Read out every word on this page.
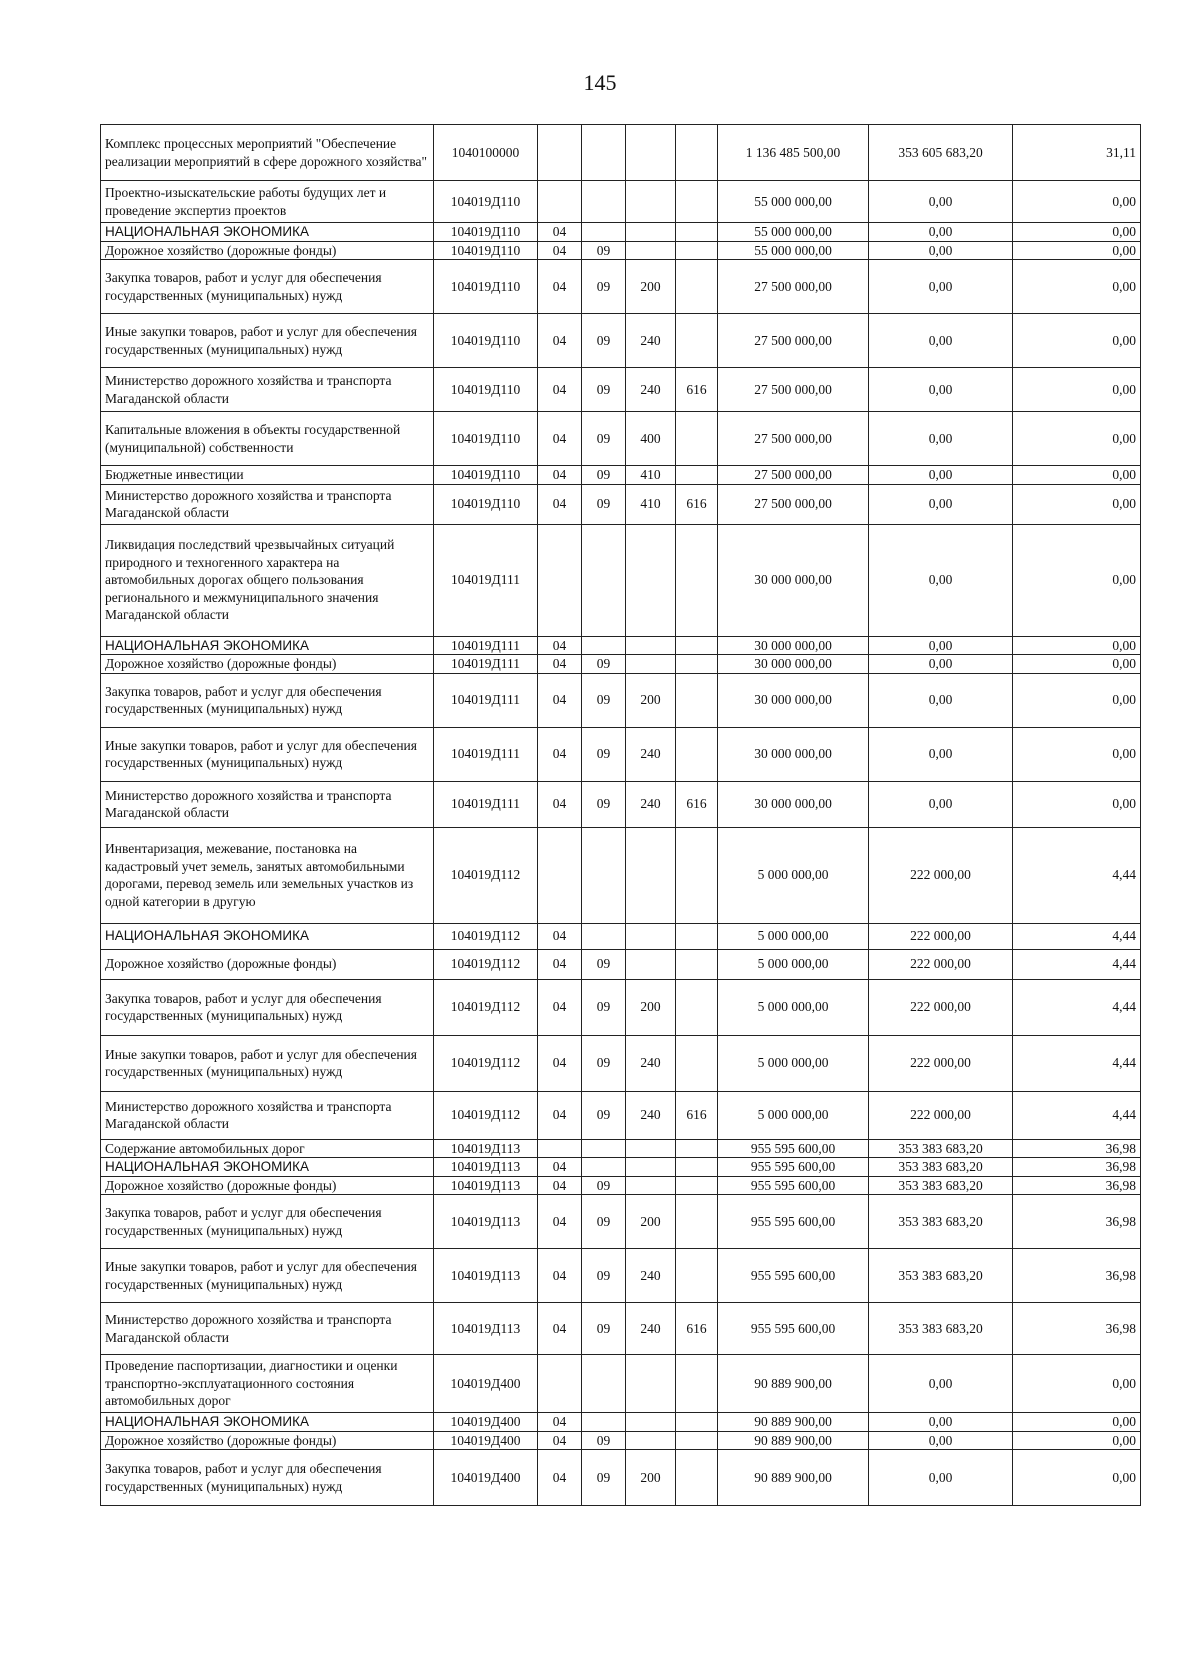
145
Комплекс процессных мероприятий "Обеспечение реализации мероприятий в сфере дорожного хозяйства"	1040100000					1 136 485 500,00	353 605 683,20	31,11
Проектно-изыскательские работы будущих лет и проведение экспертиз проектов	104019Д110					55 000 000,00	0,00	0,00
НАЦИОНАЛЬНАЯ ЭКОНОМИКА	104019Д110	04				55 000 000,00	0,00	0,00
Дорожное хозяйство (дорожные фонды)	104019Д110	04	09			55 000 000,00	0,00	0,00
Закупка товаров, работ и услуг для обеспечения государственных (муниципальных) нужд	104019Д110	04	09	200		27 500 000,00	0,00	0,00
Иные закупки товаров, работ и услуг для обеспечения государственных (муниципальных) нужд	104019Д110	04	09	240		27 500 000,00	0,00	0,00
Министерство дорожного хозяйства и транспорта Магаданской области	104019Д110	04	09	240	616	27 500 000,00	0,00	0,00
Капитальные вложения в объекты государственной (муниципальной) собственности	104019Д110	04	09	400		27 500 000,00	0,00	0,00
Бюджетные инвестиции	104019Д110	04	09	410		27 500 000,00	0,00	0,00
Министерство дорожного хозяйства и транспорта Магаданской области	104019Д110	04	09	410	616	27 500 000,00	0,00	0,00
Ликвидация последствий чрезвычайных ситуаций природного и техногенного характера на автомобильных дорогах общего пользования регионального и межмуниципального значения Магаданской области	104019Д111					30 000 000,00	0,00	0,00
НАЦИОНАЛЬНАЯ ЭКОНОМИКА	104019Д111	04				30 000 000,00	0,00	0,00
Дорожное хозяйство (дорожные фонды)	104019Д111	04	09			30 000 000,00	0,00	0,00
Закупка товаров, работ и услуг для обеспечения государственных (муниципальных) нужд	104019Д111	04	09	200		30 000 000,00	0,00	0,00
Иные закупки товаров, работ и услуг для обеспечения государственных (муниципальных) нужд	104019Д111	04	09	240		30 000 000,00	0,00	0,00
Министерство дорожного хозяйства и транспорта Магаданской области	104019Д111	04	09	240	616	30 000 000,00	0,00	0,00
Инвентаризация, межевание, постановка на кадастровый учет земель, занятых автомобильными дорогами, перевод земель или земельных участков из одной категории в другую	104019Д112					5 000 000,00	222 000,00	4,44
НАЦИОНАЛЬНАЯ ЭКОНОМИКА	104019Д112	04				5 000 000,00	222 000,00	4,44
Дорожное хозяйство (дорожные фонды)	104019Д112	04	09			5 000 000,00	222 000,00	4,44
Закупка товаров, работ и услуг для обеспечения государственных (муниципальных) нужд	104019Д112	04	09	200		5 000 000,00	222 000,00	4,44
Иные закупки товаров, работ и услуг для обеспечения государственных (муниципальных) нужд	104019Д112	04	09	240		5 000 000,00	222 000,00	4,44
Министерство дорожного хозяйства и транспорта Магаданской области	104019Д112	04	09	240	616	5 000 000,00	222 000,00	4,44
Содержание автомобильных дорог	104019Д113					955 595 600,00	353 383 683,20	36,98
НАЦИОНАЛЬНАЯ ЭКОНОМИКА	104019Д113	04				955 595 600,00	353 383 683,20	36,98
Дорожное хозяйство (дорожные фонды)	104019Д113	04	09			955 595 600,00	353 383 683,20	36,98
Закупка товаров, работ и услуг для обеспечения государственных (муниципальных) нужд	104019Д113	04	09	200		955 595 600,00	353 383 683,20	36,98
Иные закупки товаров, работ и услуг для обеспечения государственных (муниципальных) нужд	104019Д113	04	09	240		955 595 600,00	353 383 683,20	36,98
Министерство дорожного хозяйства и транспорта Магаданской области	104019Д113	04	09	240	616	955 595 600,00	353 383 683,20	36,98
Проведение паспортизации, диагностики и оценки транспортно-эксплуатационного состояния автомобильных дорог	104019Д400					90 889 900,00	0,00	0,00
НАЦИОНАЛЬНАЯ ЭКОНОМИКА	104019Д400	04				90 889 900,00	0,00	0,00
Дорожное хозяйство (дорожные фонды)	104019Д400	04	09			90 889 900,00	0,00	0,00
Закупка товаров, работ и услуг для обеспечения государственных (муниципальных) нужд	104019Д400	04	09	200		90 889 900,00	0,00	0,00
